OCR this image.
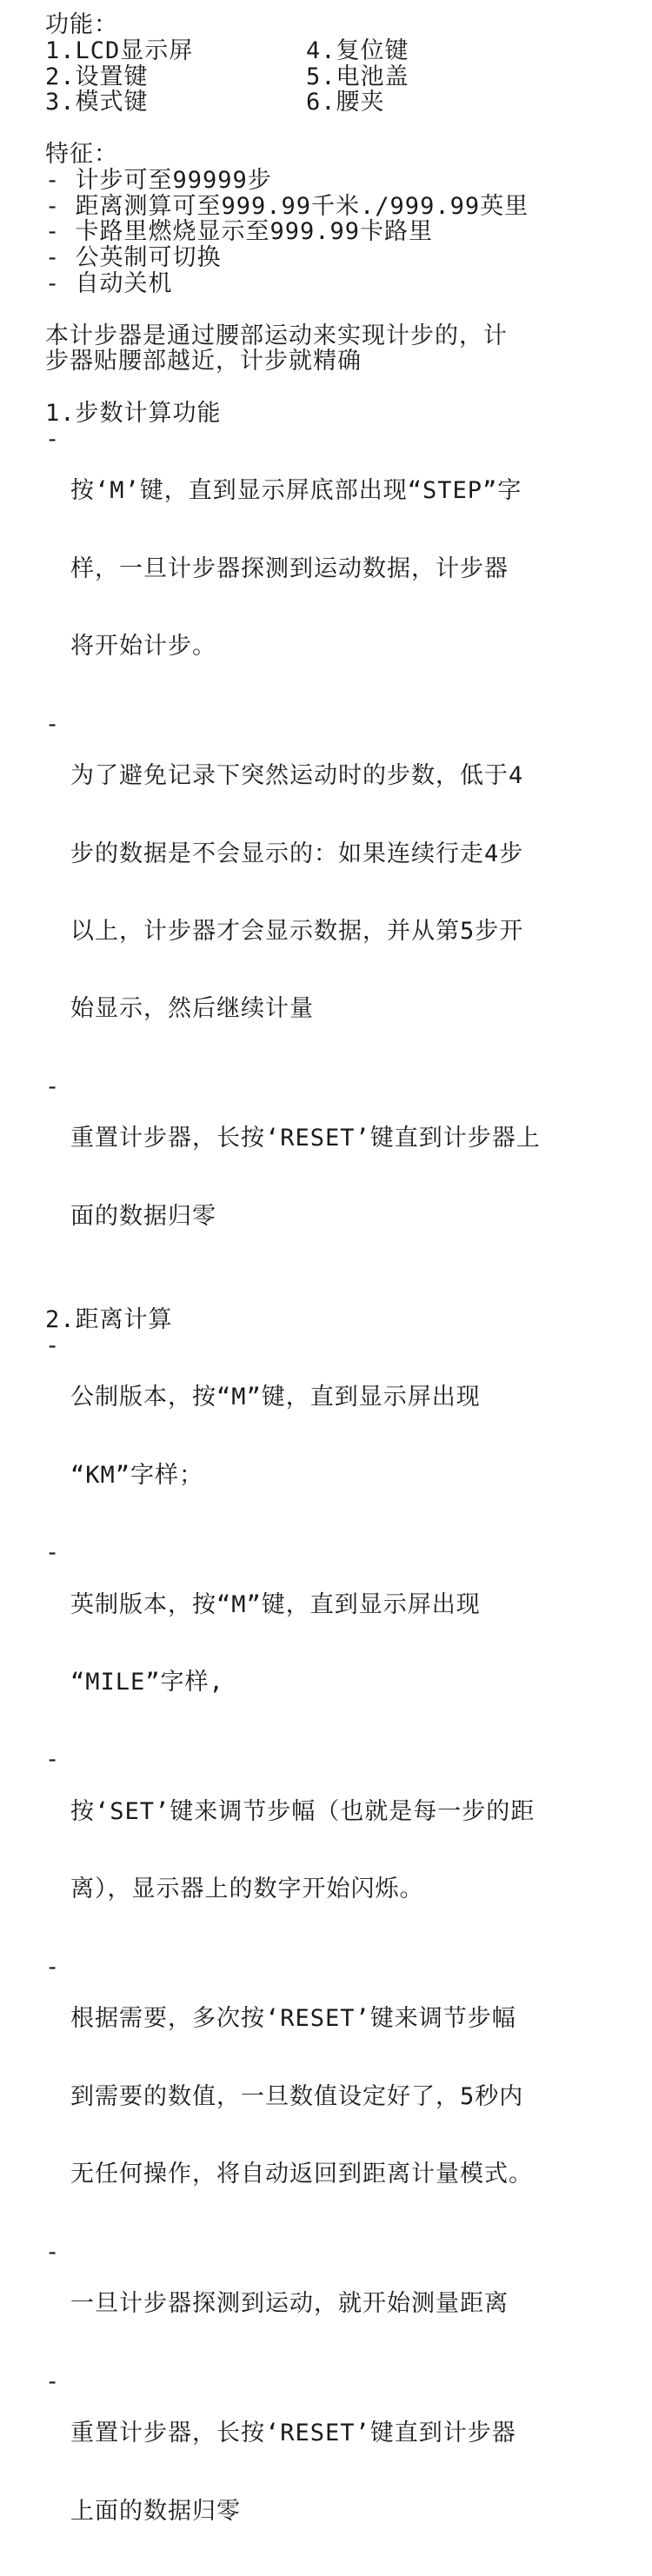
功能：
1.LCD显示屏	4.复位键
2.设置键	5.电池盖
3.模式键	6.腰夹
特征：
- 计步可至99999步
- 距离测算可至999.99千米./999.99英里
- 卡路里燃烧显示至999.99卡路里
- 公英制可切换
- 自动关机
本计步器是通过腰部运动来实现计步的，计
步器贴腰部越近，计步就精确
1.步数计算功能
-

按‘M’键，直到显示屏底部出现“STEP”字

样，一旦计步器探测到运动数据，计步器

将开始计步。

-

为了避免记录下突然运动时的步数，低于4

步的数据是不会显示的：如果连续行走4步

以上，计步器才会显示数据，并从第5步开

始显示，然后继续计量

-

重置计步器，长按‘RESET’键直到计步器上

面的数据归零

2.距离计算
-

公制版本，按“M”键，直到显示屏出现

“KM”字样；

-

英制版本，按“M”键，直到显示屏出现

“MILE”字样,

-

按‘SET’键来调节步幅（也就是每一步的距

离），显示器上的数字开始闪烁。

-

根据需要，多次按‘RESET’键来调节步幅

到需要的数值，一旦数值设定好了，5秒内

无任何操作，将自动返回到距离计量模式。

-

一旦计步器探测到运动，就开始测量距离

-

重置计步器，长按‘RESET’键直到计步器

上面的数据归零
